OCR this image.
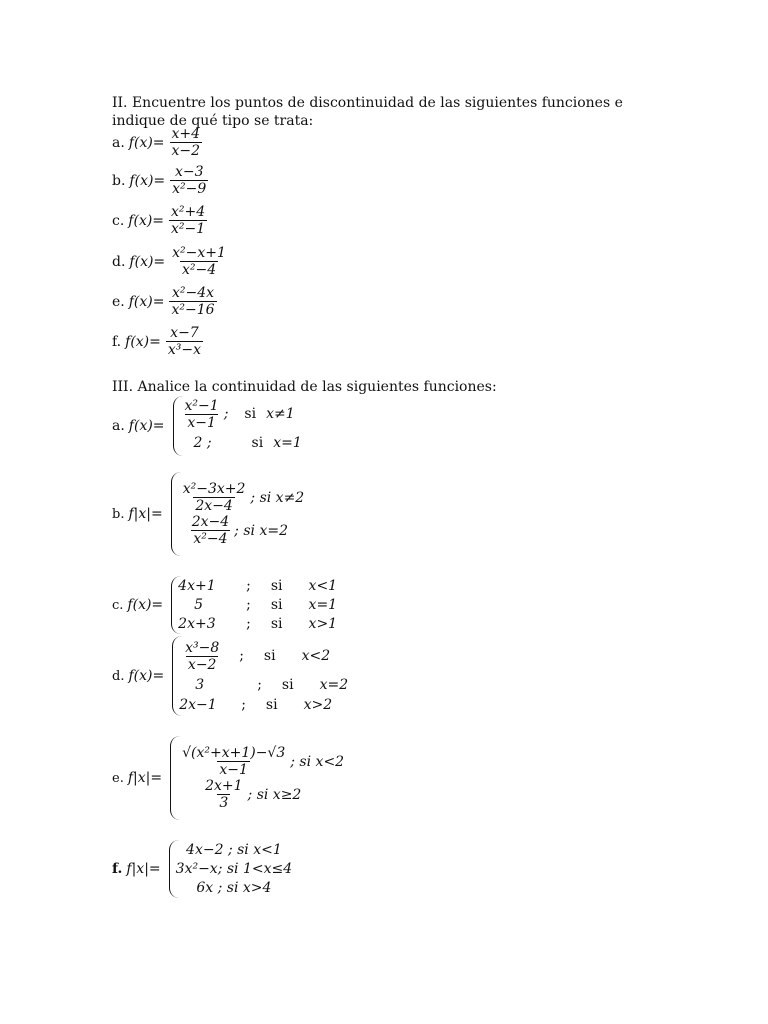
II. Encuentre los puntos de discontinuidad de las siguientes funciones e indique de qué tipo se trata:
a. $f(x)= \frac{x+4}{x-2}$
b. $f(x)= \frac{x-3}{\text{x²−9}}$
c. $f(x)= \frac{\text{x²+4}}{\text{x²−1}}$
d. $f(x)= \frac{\text{x²−x+1}}{\text{x²−4}}$
e. $f(x)= \frac{\text{x²−4x}}{\text{x²−16}}$
f. $f(x)= \frac{x-7}{\text{x³−x}}$
III. Analice la continuidad de las siguientes funciones:
a. $f(x)= \frac{\text{x²−1}}{x-1}$ ; si x≠1
2 ;	si x=1
b. $f|x|= \frac{\text{x²−3x+2}}{2x-4}$ ; si x≠2
$\frac{2x-4}{\text{x²−4}}$ ; si x=2
c. f(x)=
4x+1	; si x<1
5	; si x=1
2x+3	; si x>1
d. f(x)=
$\frac{\text{x³−8}}{x-2}$ ; si x<2
3	; si x=2
2x−1	; si x>2
e. $f|x|= \frac{\text{√(x²+x+1)−√3}}{x-1}$ ; si x<2
$\frac{2x+1}{3}$ ; si x≥2
f. f|x|=
4x−2 ; si x<1
3x²−x; si 1<x≤4
6x ; si x>4
